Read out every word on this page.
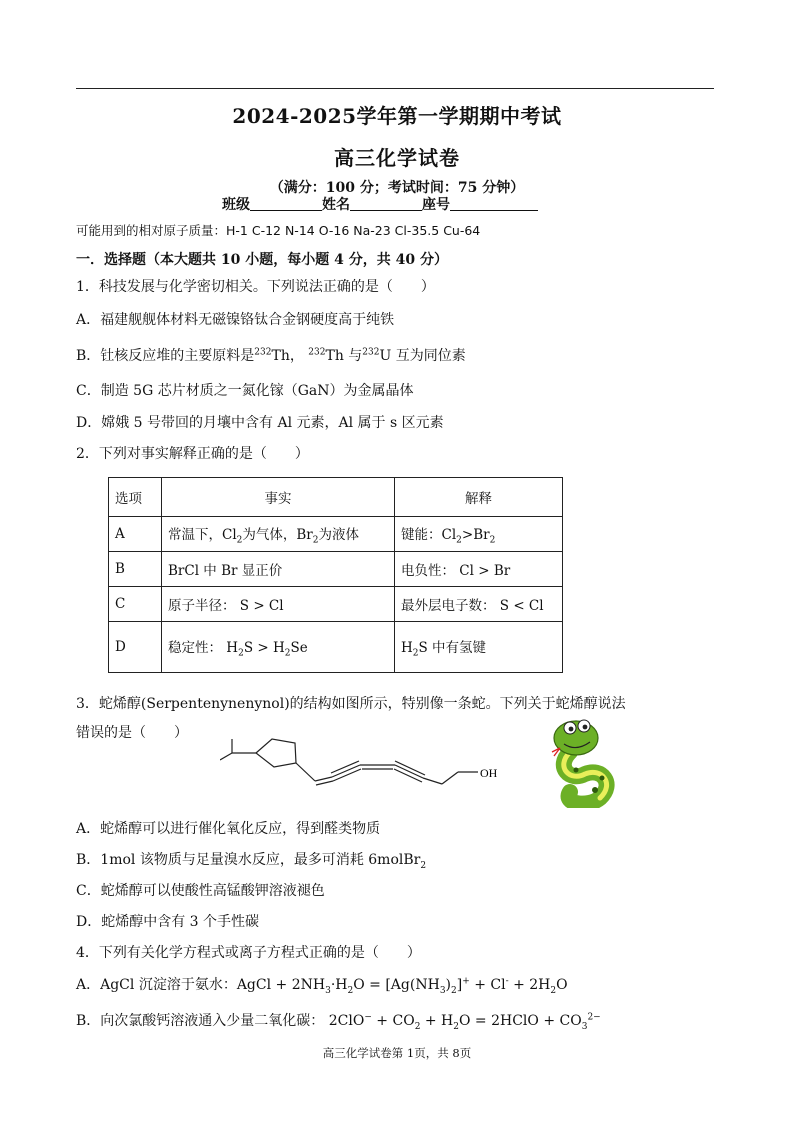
2024-2025学年第一学期期中考试
高三化学试卷
（满分：100 分；考试时间：75 分钟）
班级	姓名	座号
可能用到的相对原子质量：H-1 C-12 N-14 O-16 Na-23 Cl-35.5 Cu-64
一．选择题（本大题共 10 小题，每小题 4 分，共 40 分）
1．科技发展与化学密切相关。下列说法正确的是（　　）
A．福建舰舰体材料无磁镍铬钛合金钢硬度高于纯铁
B．钍核反应堆的主要原料是$^{232}$Th， $^{232}$Th 与$^{232}$U 互为同位素
C．制造 5G 芯片材质之一氮化镓（GaN）为金属晶体
D．嫦娥 5 号带回的月壤中含有 Al 元素，Al 属于 s 区元素
2．下列对事实解释正确的是（　　）
选项	事实	解释
A	常温下，$Cl_2$为气体，$Br_2$为液体	键能：$Cl_2>Br_2$
B	BrCl 中 Br 显正价	电负性： Cl > Br
C	原子半径： S > Cl	最外层电子数： S < Cl
D	稳定性： $H_2S > H_2Se$	$H_2S$ 中有氢键
3．蛇烯醇(Serpentenynenynol)的结构如图所示，特别像一条蛇。下列关于蛇烯醇说法
错误的是（　　）
OH
A．蛇烯醇可以进行催化氧化反应，得到醛类物质
B．1mol 该物质与足量溴水反应，最多可消耗 6molBr$_2$
C．蛇烯醇可以使酸性高锰酸钾溶液褪色
D．蛇烯醇中含有 3 个手性碳
4．下列有关化学方程式或离子方程式正确的是（　　）
A．AgCl 沉淀溶于氨水：AgCl + $2NH_3\cdot H_2O = [Ag(NH_3)_2]^+ + Cl^- + 2H_2O$
B．向次氯酸钙溶液通入少量二氧化碳： $2ClO^- + CO_2 + H_2O$ = 2HClO + $CO_3^{2-}$
高三化学试卷第 1页，共 8页
